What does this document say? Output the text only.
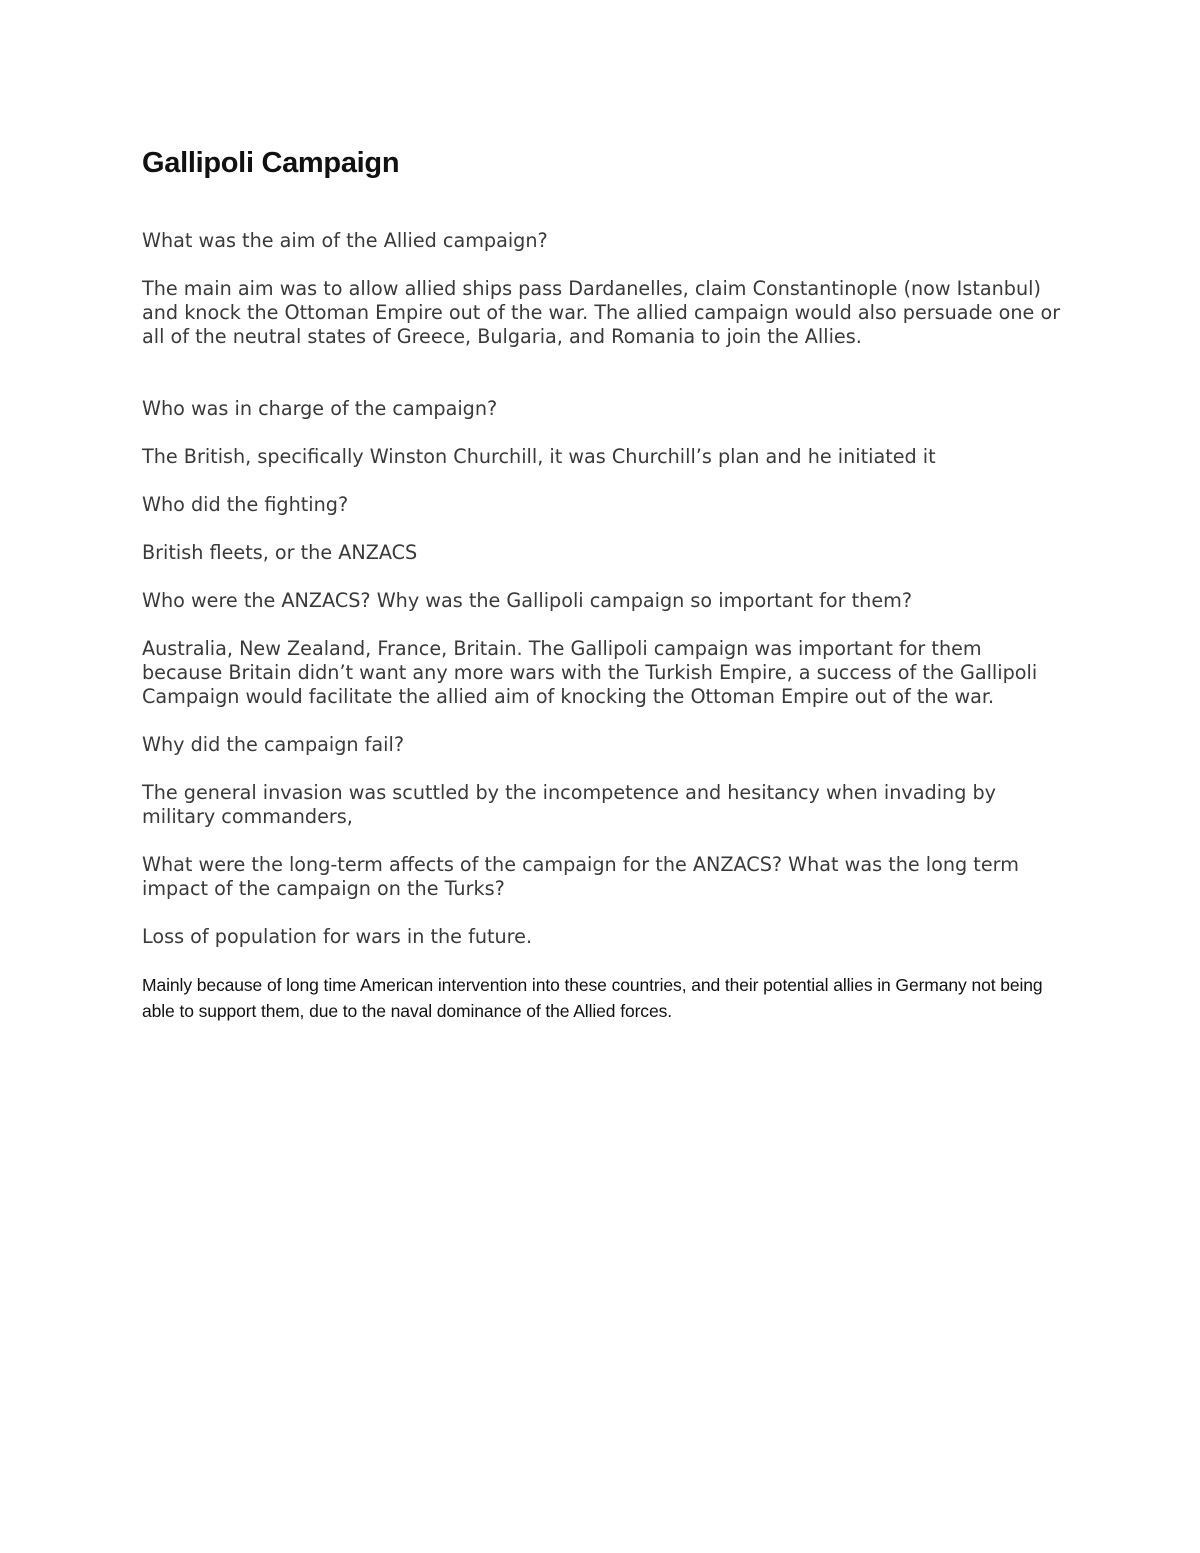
Gallipoli Campaign

What was the aim of the Allied campaign?

The main aim was to allow allied ships pass Dardanelles, claim Constantinople (now Istanbul) and knock the Ottoman Empire out of the war. The allied campaign would also persuade one or all of the neutral states of Greece, Bulgaria, and Romania to join the Allies.

Who was in charge of the campaign?

The British, specifically Winston Churchill, it was Churchill’s plan and he initiated it

Who did the fighting?

British fleets, or the ANZACS

Who were the ANZACS? Why was the Gallipoli campaign so important for them?

Australia, New Zealand, France, Britain. The Gallipoli campaign was important for them because Britain didn’t want any more wars with the Turkish Empire, a success of the Gallipoli Campaign would facilitate the allied aim of knocking the Ottoman Empire out of the war.

Why did the campaign fail?

The general invasion was scuttled by the incompetence and hesitancy when invading by military commanders,

What were the long-term affects of the campaign for the ANZACS? What was the long term impact of the campaign on the Turks?

Loss of population for wars in the future.

Mainly because of long time American intervention into these countries, and their potential allies in Germany not being able to support them, due to the naval dominance of the Allied forces.
